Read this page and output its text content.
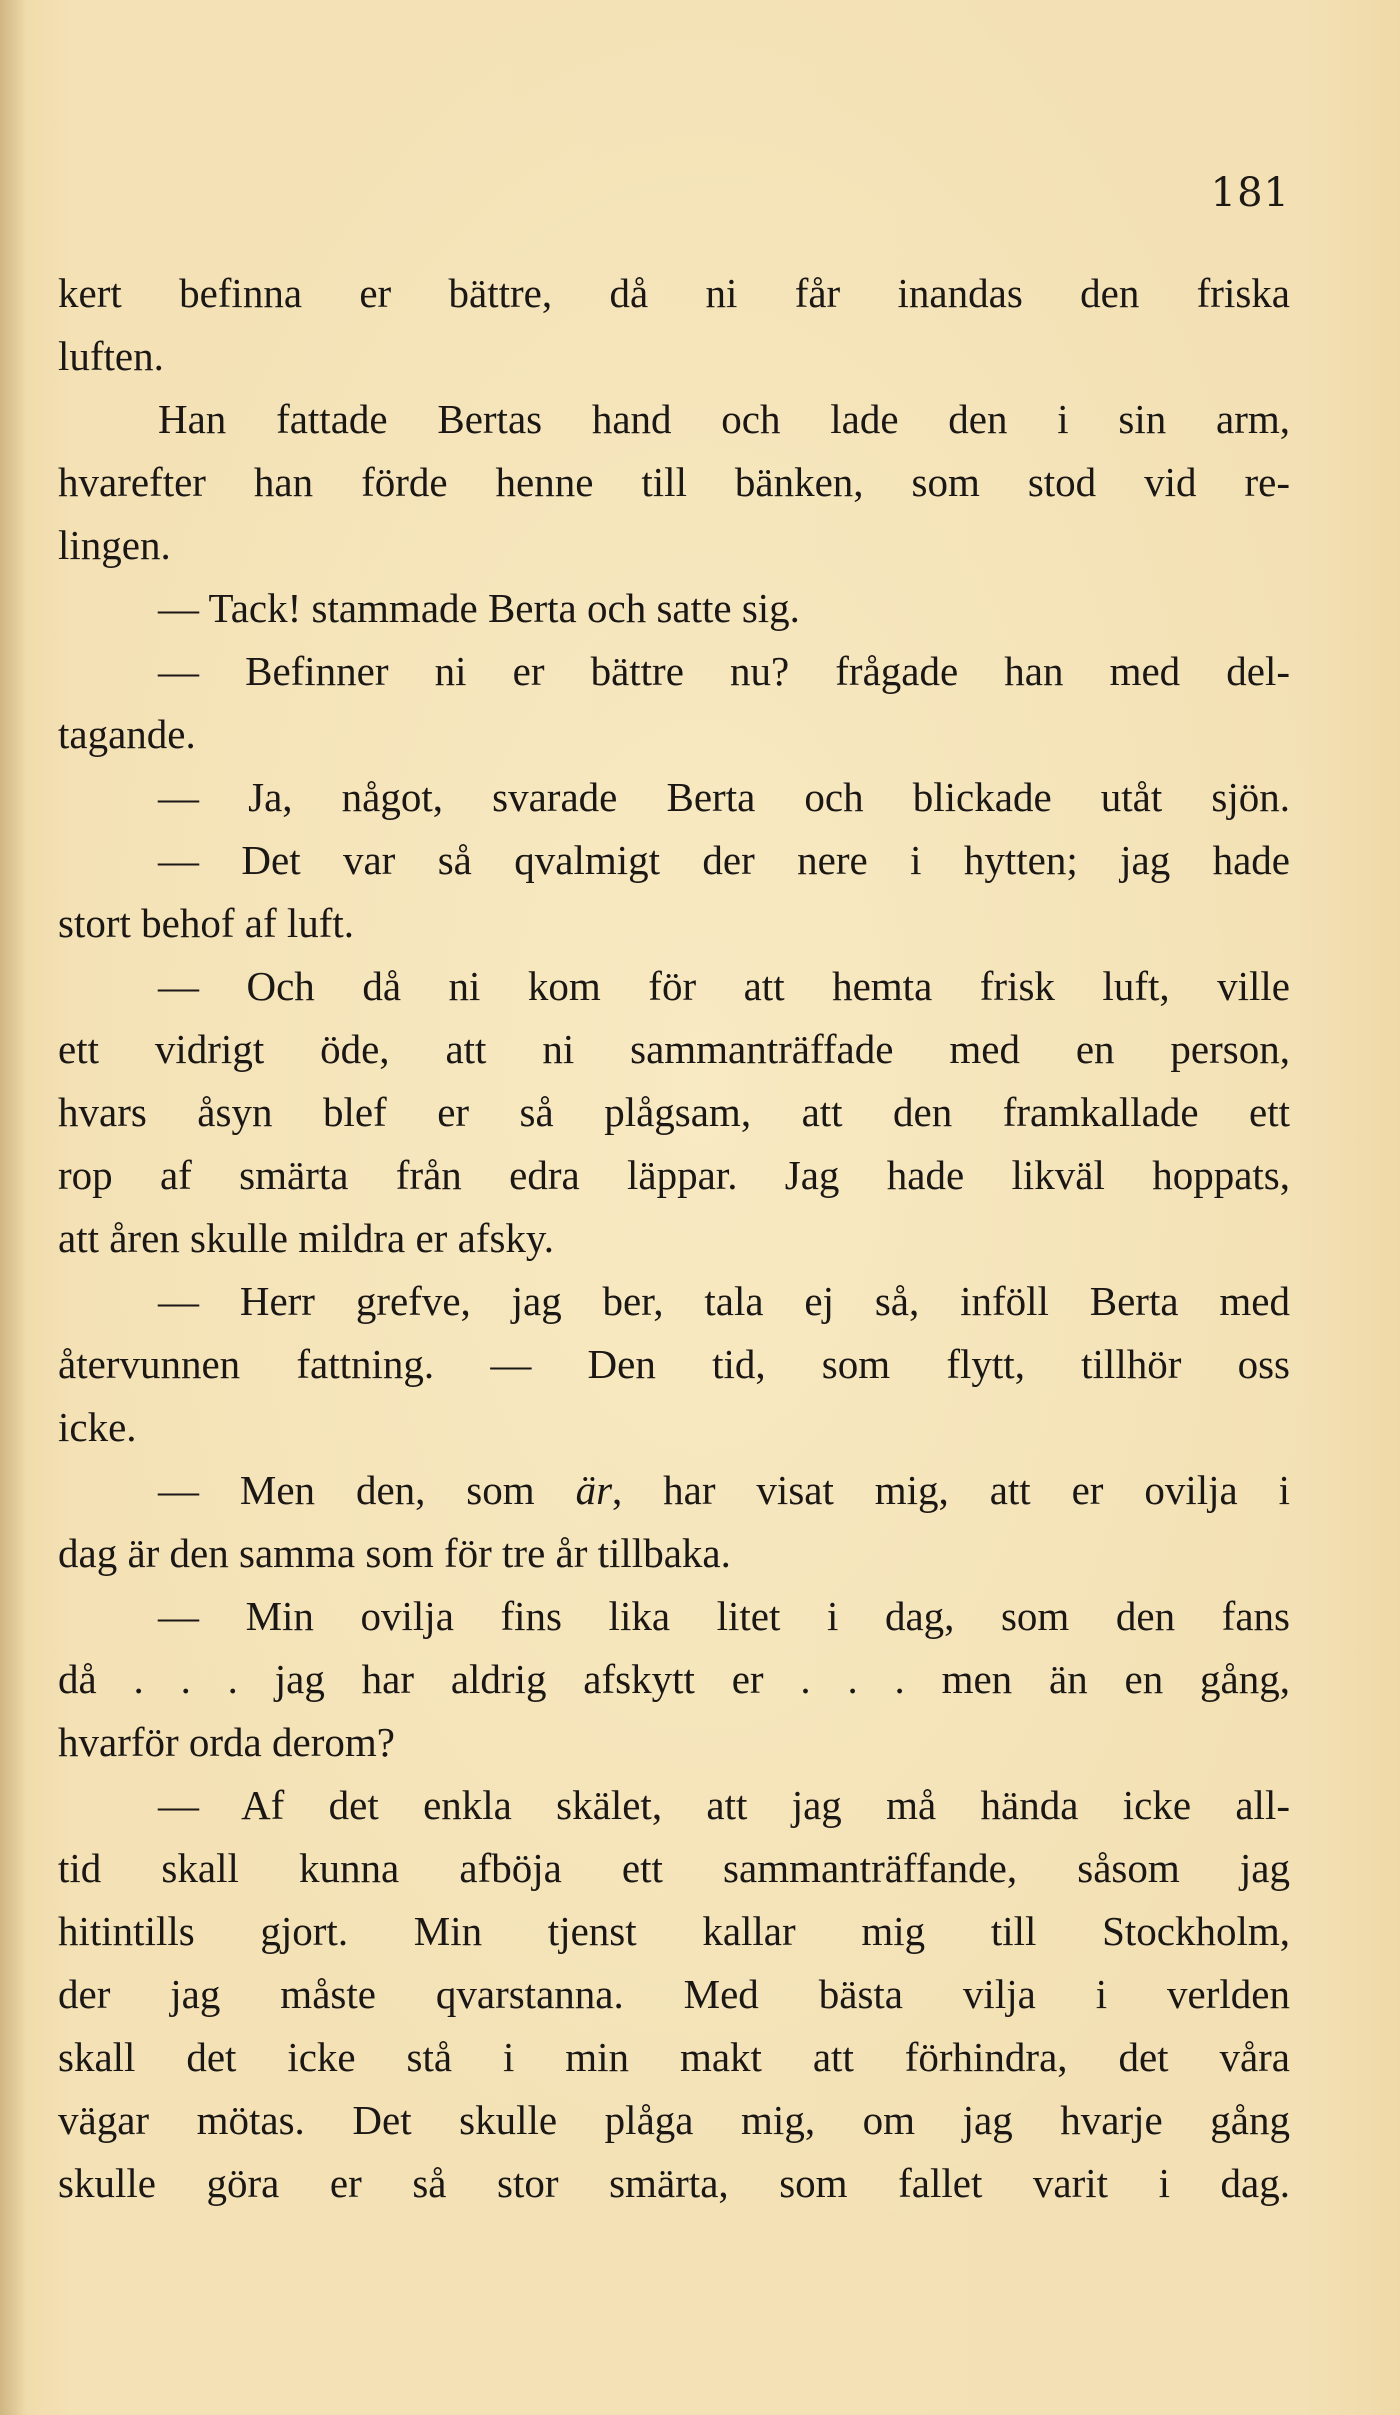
181
kert befinna er bättre, då ni får inandas den friska
luften.
Han fattade Bertas hand och lade den i sin arm,
hvarefter han förde henne till bänken, som stod vid re-
lingen.
— Tack! stammade Berta och satte sig.
— Befinner ni er bättre nu? frågade han med del-
tagande.
— Ja, något, svarade Berta och blickade utåt sjön.
— Det var så qvalmigt der nere i hytten; jag hade
stort behof af luft.
— Och då ni kom för att hemta frisk luft, ville
ett vidrigt öde, att ni sammanträffade med en person,
hvars åsyn blef er så plågsam, att den framkallade ett
rop af smärta från edra läppar. Jag hade likväl hoppats,
att åren skulle mildra er afsky.
— Herr grefve, jag ber, tala ej så, inföll Berta med
återvunnen fattning. — Den tid, som flytt, tillhör oss
icke.
— Men den, som är, har visat mig, att er ovilja i
dag är den samma som för tre år tillbaka.
— Min ovilja fins lika litet i dag, som den fans
då . . . jag har aldrig afskytt er . . . men än en gång,
hvarför orda derom?
— Af det enkla skälet, att jag må hända icke all-
tid skall kunna afböja ett sammanträffande, såsom jag
hitintills gjort. Min tjenst kallar mig till Stockholm,
der jag måste qvarstanna. Med bästa vilja i verlden
skall det icke stå i min makt att förhindra, det våra
vägar mötas. Det skulle plåga mig, om jag hvarje gång
skulle göra er så stor smärta, som fallet varit i dag.
